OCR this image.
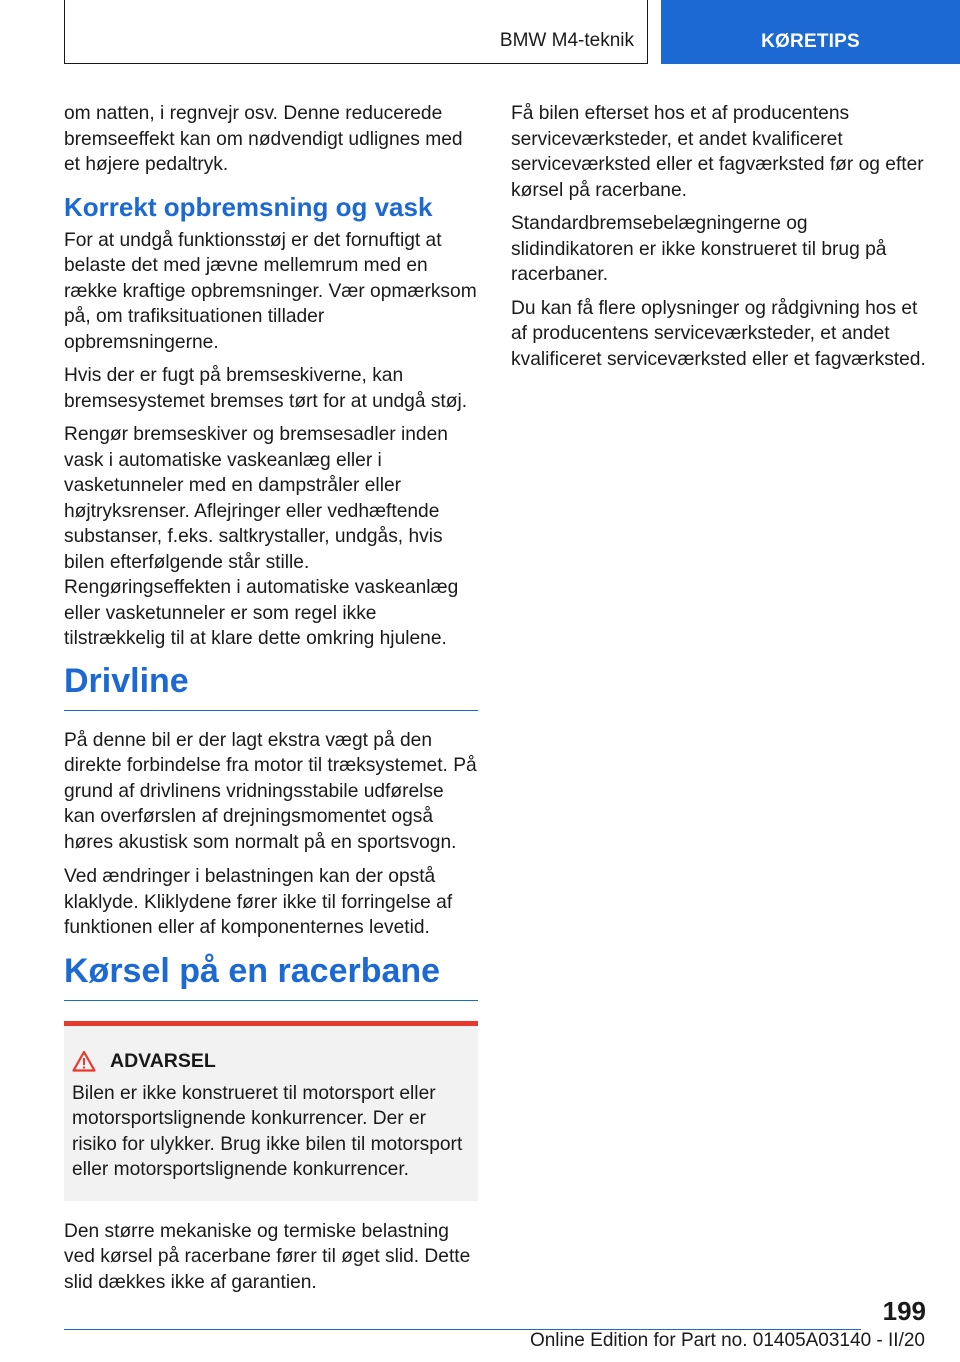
BMW M4-teknik	KØRETIPS

om natten, i regnvejr osv. Denne reducerede bremseeffekt kan om nødvendigt udlignes med et højere pedaltryk.

Korrekt opbremsning og vask

For at undgå funktionsstøj er det fornuftigt at belaste det med jævne mellemrum med en række kraftige opbremsninger. Vær opmærksom på, om trafiksituationen tillader opbremsningerne.

Hvis der er fugt på bremseskiverne, kan bremsesystemet bremses tørt for at undgå støj.

Rengør bremseskiver og bremsesadler inden vask i automatiske vaskeanlæg eller i vasketunneler med en dampstråler eller højtryksrenser. Aflejringer eller vedhæftende substanser, f.eks. saltkrystaller, undgås, hvis bilen efterfølgende står stille. Rengøringseffekten i automatiske vaskeanlæg eller vasketunneler er som regel ikke tilstrækkelig til at klare dette omkring hjulene.

Drivline

På denne bil er der lagt ekstra vægt på den direkte forbindelse fra motor til træksystemet. På grund af drivlinens vridningsstabile udførelse kan overførslen af drejningsmomentet også høres akustisk som normalt på en sportsvogn.

Ved ændringer i belastningen kan der opstå klaklyde. Kliklydene fører ikke til forringelse af funktionen eller af komponenternes levetid.

Kørsel på en racerbane
ADVARSEL

Bilen er ikke konstrueret til motorsport eller motorsportslignende konkurrencer. Der er risiko for ulykker. Brug ikke bilen til motorsport eller motorsportslignende konkurrencer.

Den større mekaniske og termiske belastning ved kørsel på racerbane fører til øget slid. Dette slid dækkes ikke af garantien.

Få bilen efterset hos et af producentens serviceværksteder, et andet kvalificeret serviceværksted eller et fagværksted før og efter kørsel på racerbane.

Standardbremsebelægningerne og slidindikatoren er ikke konstrueret til brug på racerbaner.

Du kan få flere oplysninger og rådgivning hos et af producentens serviceværksteder, et andet kvalificeret serviceværksted eller et fagværksted.

199
Online Edition for Part no. 01405A03140 - II/20
